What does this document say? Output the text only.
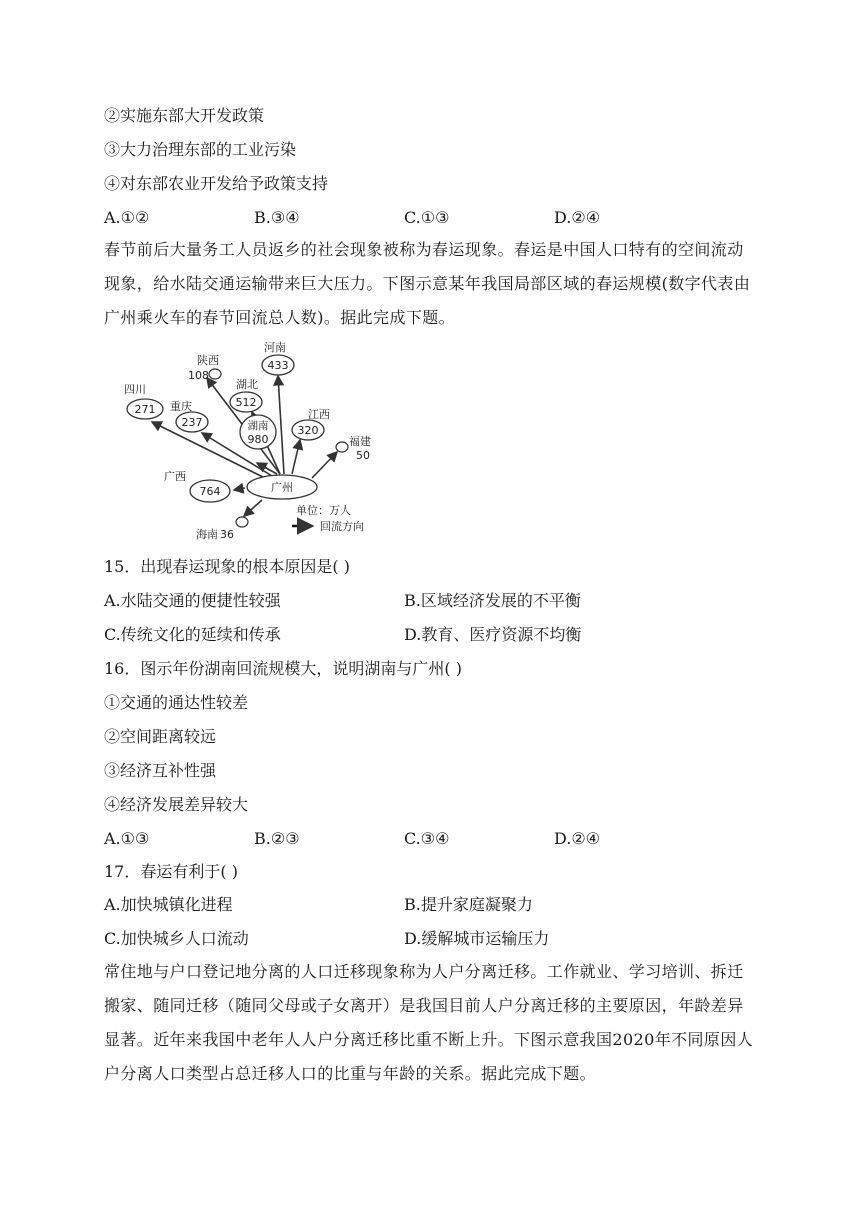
②实施东部大开发政策
③大力治理东部的工业污染
④对东部农业开发给予政策支持
A.①②	B.③④	C.①③	D.②④
春节前后大量务工人员返乡的社会现象被称为春运现象。春运是中国人口特有的空间流动现象，给水陆交通运输带来巨大压力。下图示意某年我国局部区域的春运规模(数字代表由广州乘火车的春节回流总人数)。据此完成下题。
广州
陕西
108
河南
433
四川
271
湖北
512
重庆
237	湖南
980
江西
320
福建
50
广西
764
海南 36
单位：万人
回流方向
15．出现春运现象的根本原因是( )
A.水陆交通的便捷性较强	B.区域经济发展的不平衡
C.传统文化的延续和传承	D.教育、医疗资源不均衡
16．图示年份湖南回流规模大，说明湖南与广州( )
①交通的通达性较差
②空间距离较远
③经济互补性强
④经济发展差异较大
A.①③	B.②③	C.③④	D.②④
17．春运有利于( )
A.加快城镇化进程	B.提升家庭凝聚力
C.加快城乡人口流动	D.缓解城市运输压力
常住地与户口登记地分离的人口迁移现象称为人户分离迁移。工作就业、学习培训、拆迁搬家、随同迁移（随同父母或子女离开）是我国目前人户分离迁移的主要原因，年龄差异显著。近年来我国中老年人人户分离迁移比重不断上升。下图示意我国2020年不同原因人户分离人口类型占总迁移人口的比重与年龄的关系。据此完成下题。
